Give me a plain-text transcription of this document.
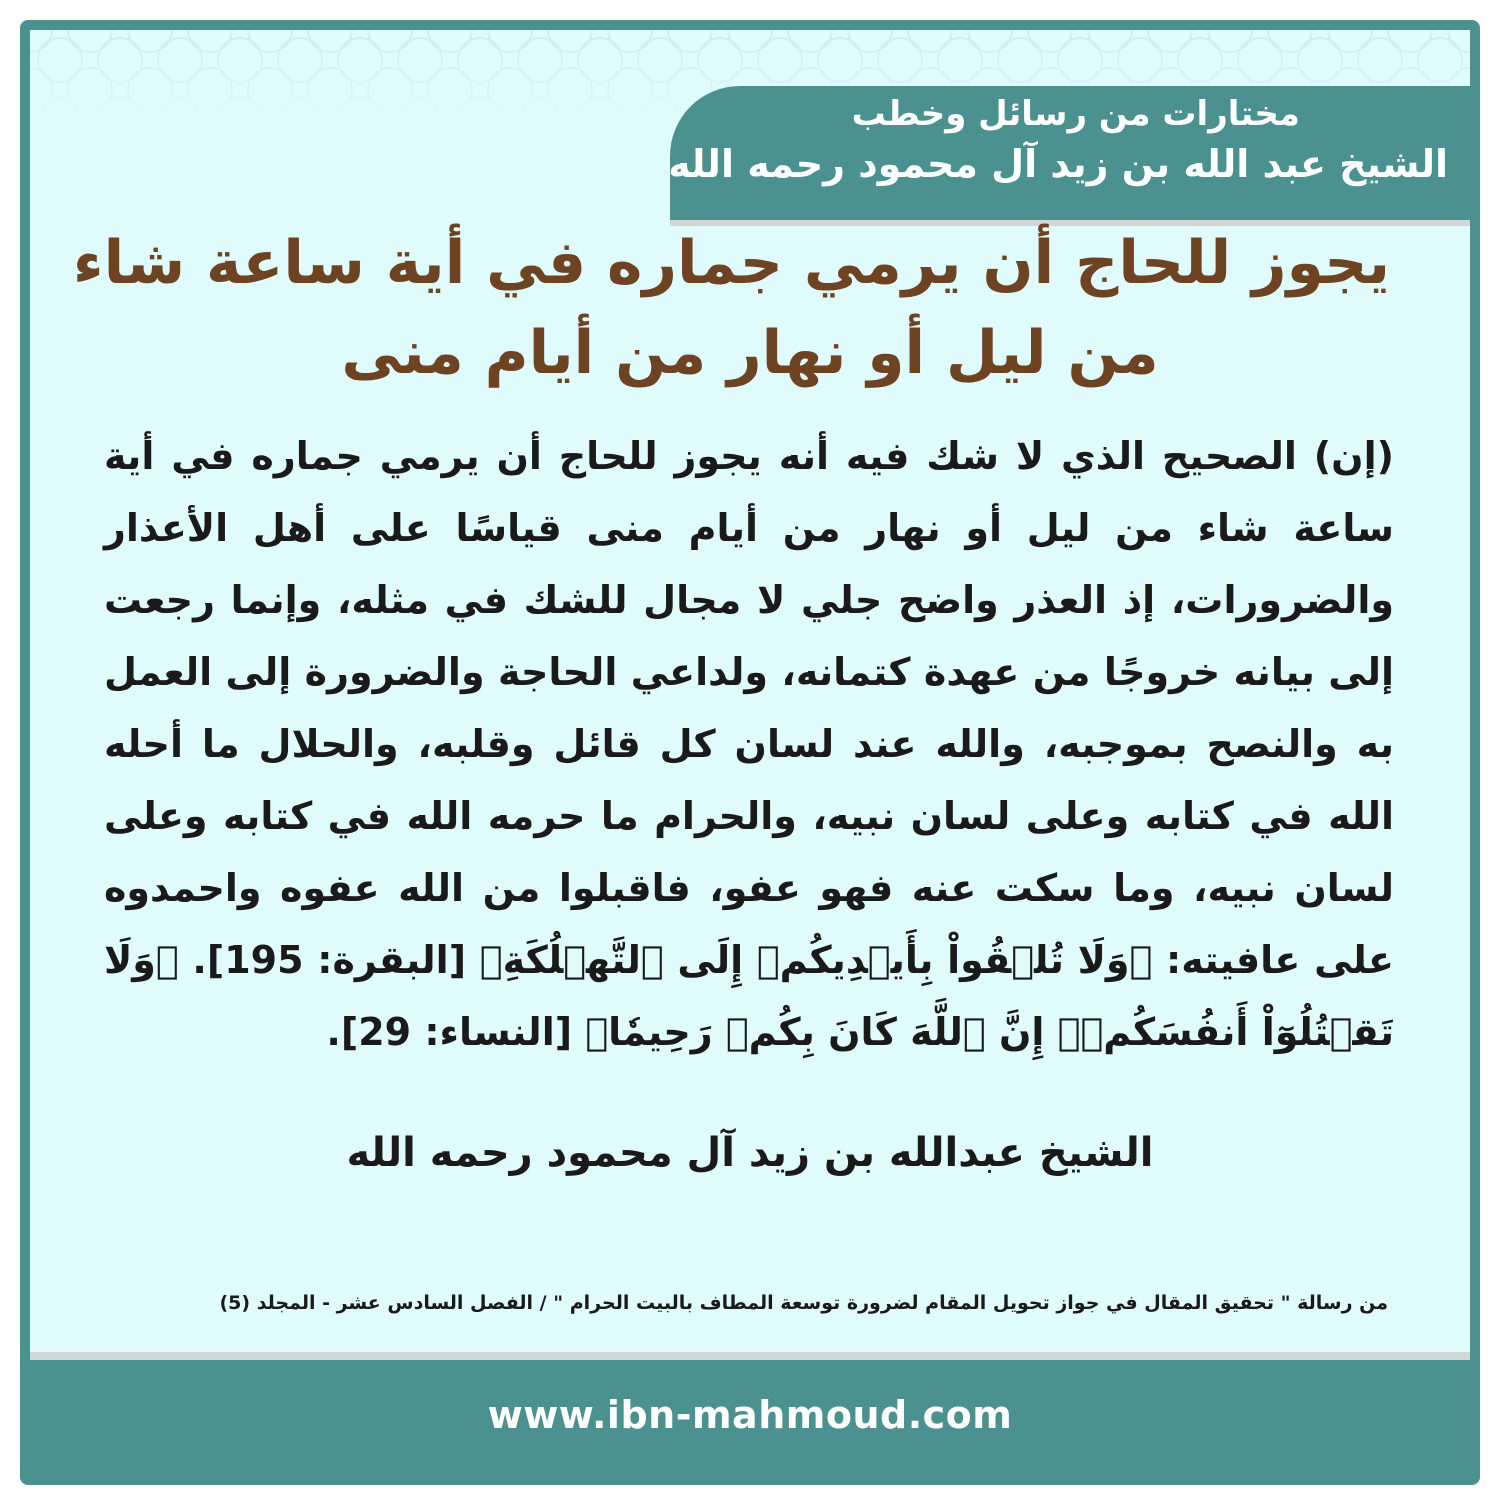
مختارات من رسائل وخطب
الشيخ عبد الله بن زيد آل محمود رحمه الله
يجوز للحاج أن يرمي جماره في أية ساعة شاء
من ليل أو نهار من أيام منى
(إن) الصحيح الذي لا شك فيه أنه يجوز للحاج أن يرمي جماره في أية ساعة شاء من ليل أو نهار من أيام منى قياسًا على أهل الأعذار والضرورات، إذ العذر واضح جلي لا مجال للشك في مثله، وإنما رجعت إلى بيانه خروجًا من عهدة كتمانه، ولداعي الحاجة والضرورة إلى العمل به والنصح بموجبه، والله عند لسان كل قائل وقلبه، والحلال ما أحله الله في كتابه وعلى لسان نبيه، والحرام ما حرمه الله في كتابه وعلى لسان نبيه، وما سكت عنه فهو عفو، فاقبلوا من الله عفوه واحمدوه على عافيته: ﴿وَلَا تُلۡقُواْ بِأَيۡدِيكُمۡ إِلَى ٱلتَّهۡلُكَةِ﴾ [البقرة: 195]. ﴿وَلَا تَقۡتُلُوٓاْ أَنفُسَكُمۡۚ إِنَّ ٱللَّهَ كَانَ بِكُمۡ رَحِيمٗا﴾ [النساء: 29].
الشيخ عبدالله بن زيد آل محمود رحمه الله
من رسالة " تحقيق المقال في جواز تحويل المقام لضرورة توسعة المطاف بالبيت الحرام " / الفصل السادس عشر - المجلد (5)
www.ibn-mahmoud.com
